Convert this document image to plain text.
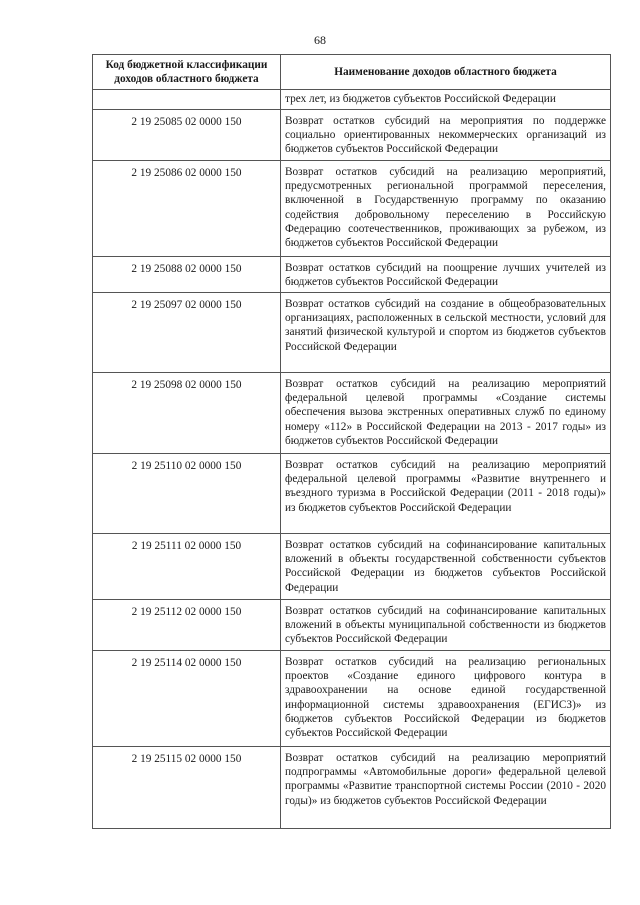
68
Код бюджетной классификации доходов областного бюджета	Наименование доходов областного бюджета
	трех лет, из бюджетов субъектов Российской Федерации
2 19 25085 02 0000 150	Возврат остатков субсидий на мероприятия по поддержке социально ориентированных некоммерческих организаций из бюджетов субъектов Российской Федерации
2 19 25086 02 0000 150	Возврат остатков субсидий на реализацию мероприятий, предусмотренных региональной программой переселения, включенной в Государственную программу по оказанию содействия добровольному переселению в Российскую Федерацию соотечественников, проживающих за рубежом, из бюджетов субъектов Российской Федерации
2 19 25088 02 0000 150	Возврат остатков субсидий на поощрение лучших учителей из бюджетов субъектов Российской Федерации
2 19 25097 02 0000 150	Возврат остатков субсидий на создание в общеобразовательных организациях, расположенных в сельской местности, условий для занятий физической культурой и спортом из бюджетов субъектов Российской Федерации
2 19 25098 02 0000 150	Возврат остатков субсидий на реализацию мероприятий федеральной целевой программы «Создание системы обеспечения вызова экстренных оперативных служб по единому номеру «112» в Российской Федерации на 2013 - 2017 годы» из бюджетов субъектов Российской Федерации
2 19 25110 02 0000 150	Возврат остатков субсидий на реализацию мероприятий федеральной целевой программы «Развитие внутреннего и въездного туризма в Российской Федерации (2011 - 2018 годы)» из бюджетов субъектов Российской Федерации
2 19 25111 02 0000 150	Возврат остатков субсидий на софинансирование капитальных вложений в объекты государственной собственности субъектов Российской Федерации из бюджетов субъектов Российской Федерации
2 19 25112 02 0000 150	Возврат остатков субсидий на софинансирование капитальных вложений в объекты муниципальной собственности из бюджетов субъектов Российской Федерации
2 19 25114 02 0000 150	Возврат остатков субсидий на реализацию региональных проектов «Создание единого цифрового контура в здравоохранении на основе единой государственной информационной системы здравоохранения (ЕГИСЗ)» из бюджетов субъектов Российской Федерации из бюджетов субъектов Российской Федерации
2 19 25115 02 0000 150	Возврат остатков субсидий на реализацию мероприятий подпрограммы «Автомобильные дороги» федеральной целевой программы «Развитие транспортной системы России (2010 - 2020 годы)» из бюджетов субъектов Российской Федерации
